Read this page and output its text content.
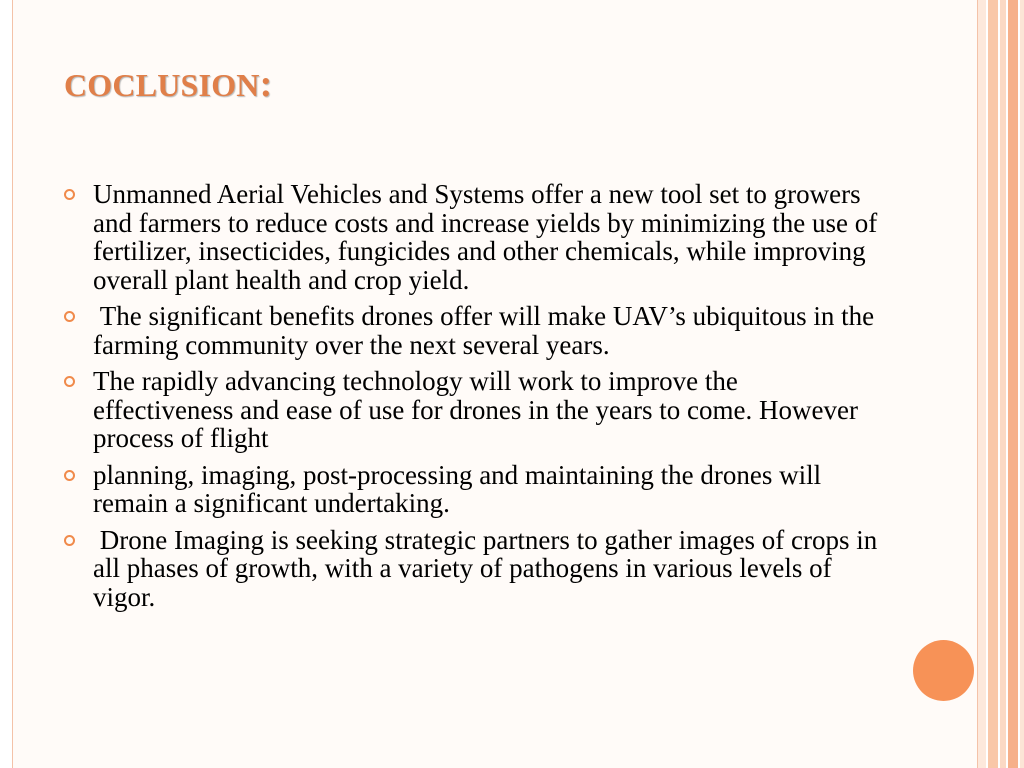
COCLUSION:
Unmanned Aerial Vehicles and Systems offer a new tool set to growers and farmers to reduce costs and increase yields by minimizing the use of fertilizer, insecticides, fungicides and other chemicals, while improving overall plant health and crop yield.
The significant benefits drones offer will make UAV’s ubiquitous in the farming community over the next several years.
The rapidly advancing technology will work to improve the effectiveness and ease of use for drones in the years to come. However process of flight
planning, imaging, post-processing and maintaining the drones will remain a significant undertaking.
Drone Imaging is seeking strategic partners to gather images of crops in all phases of growth, with a variety of pathogens in various levels of vigor.
